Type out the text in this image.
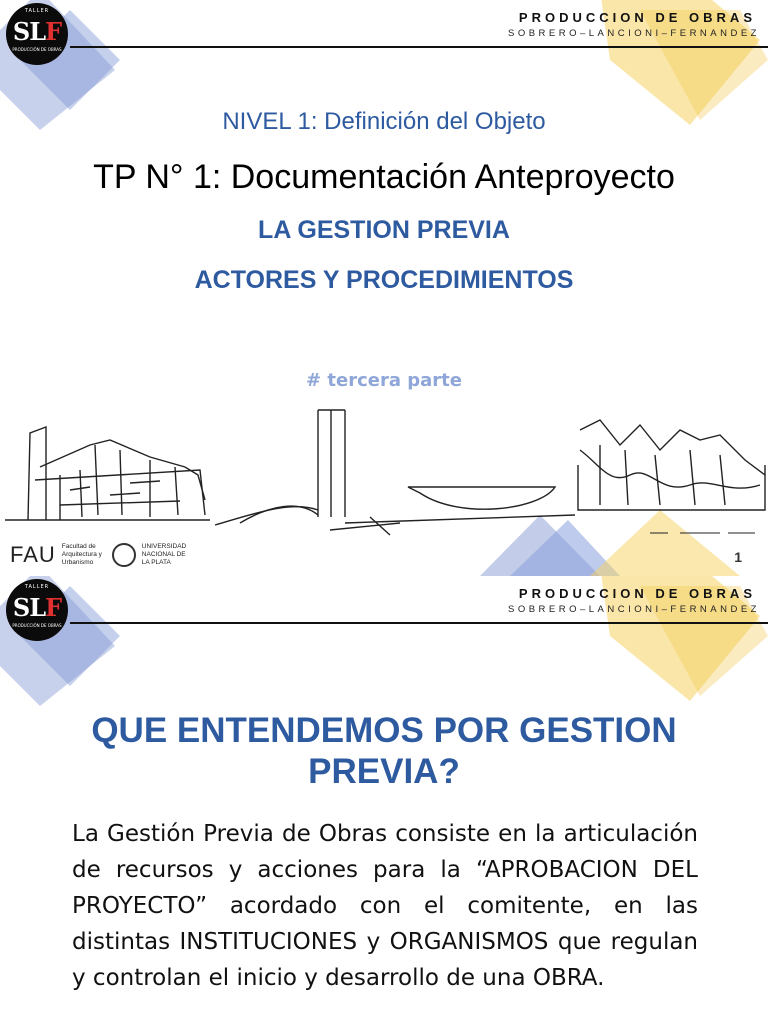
TALLER
SLF
PRODUCCIÓN DE OBRAS
PRODUCCION DE OBRAS
SOBRERO–LANCIONI–FERNANDEZ
NIVEL 1: Definición del Objeto
TP N° 1: Documentación Anteproyecto
LA GESTION PREVIA
ACTORES Y PROCEDIMIENTOS
# tercera parte
FAU Facultad de Arquitectura y Urbanismo
UNIVERSIDAD NACIONAL DE LA PLATA	1
TALLER
SLF
PRODUCCIÓN DE OBRAS
PRODUCCION DE OBRAS
SOBRERO–LANCIONI–FERNANDEZ
QUE ENTENDEMOS POR GESTION PREVIA?

La Gestión Previa de Obras consiste en la articulación de recursos y acciones para la “APROBACION DEL PROYECTO” acordado con el comitente, en las distintas INSTITUCIONES y ORGANISMOS que regulan y controlan el inicio y desarrollo de una OBRA.
